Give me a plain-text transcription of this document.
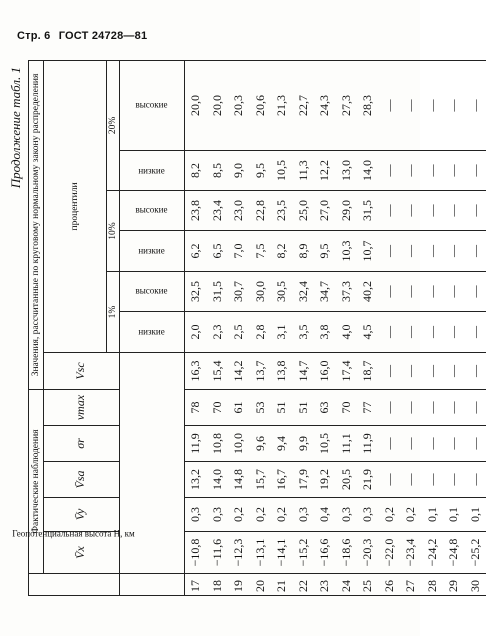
Стр. 6 ГОСТ 24728—81
Продолжение табл. 1
Геопотенциальная высота H, км	Фактические наблюдения					Значения, рассчитанные по круговому нормальному закону распределения						
	V̄x	V̄y	V̄sa	σr	vmax	Vsc	процентили					
							1%		10%		20%	
							низкие	высокие	низкие	высокие	низкие	высокие
17	−10,8	0,3	13,2	11,9	78	16,3	2,0	32,5	6,2	23,8	8,2	20,0
18	−11,6	0,3	14,0	10,8	70	15,4	2,3	31,5	6,5	23,4	8,5	20,0
19	−12,3	0,2	14,8	10,0	61	14,2	2,5	30,7	7,0	23,0	9,0	20,3
20	−13,1	0,2	15,7	9,6	53	13,7	2,8	30,0	7,5	22,8	9,5	20,6
21	−14,1	0,2	16,7	9,4	51	13,8	3,1	30,5	8,2	23,5	10,5	21,3
22	−15,2	0,3	17,9	9,9	51	14,7	3,5	32,4	8,9	25,0	11,3	22,7
23	−16,6	0,4	19,2	10,5	63	16,0	3,8	34,7	9,5	27,0	12,2	24,3
24	−18,6	0,3	20,5	11,1	70	17,4	4,0	37,3	10,3	29,0	13,0	27,3
25	−20,3	0,3	21,9	11,9	77	18,7	4,5	40,2	10,7	31,5	14,0	28,3
26	−22,0	0,2	—	—	—	—	—	—	—	—	—	—
27	−23,4	0,2	—	—	—	—	—	—	—	—	—	—
28	−24,2	0,1	—	—	—	—	—	—	—	—	—	—
29	−24,8	0,1	—	—	—	—	—	—	—	—	—	—
30	−25,2	0,1	—	—	—	—	—	—	—	—	—	—
